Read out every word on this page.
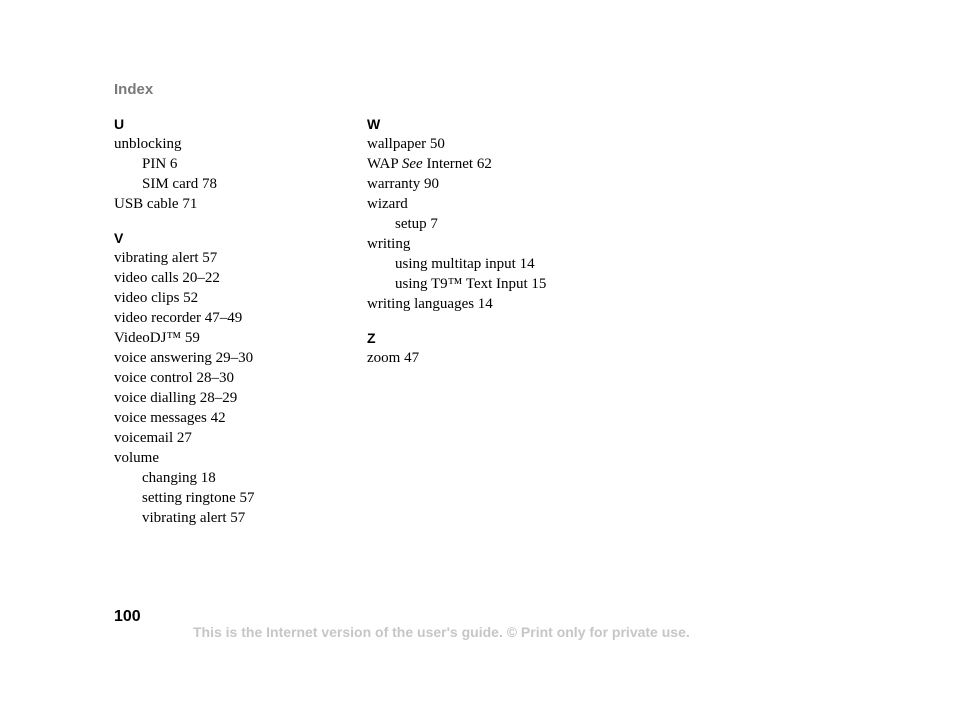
Index
U
unblocking
PIN 6
SIM card 78
USB cable 71
V
vibrating alert 57
video calls 20–22
video clips 52
video recorder 47–49
VideoDJ™ 59
voice answering 29–30
voice control 28–30
voice dialling 28–29
voice messages 42
voicemail 27
volume
changing 18
setting ringtone 57
vibrating alert 57
W
wallpaper 50
WAP See Internet 62
warranty 90
wizard
setup 7
writing
using multitap input 14
using T9™ Text Input 15
writing languages 14
Z
zoom 47
100
This is the Internet version of the user's guide. © Print only for private use.
